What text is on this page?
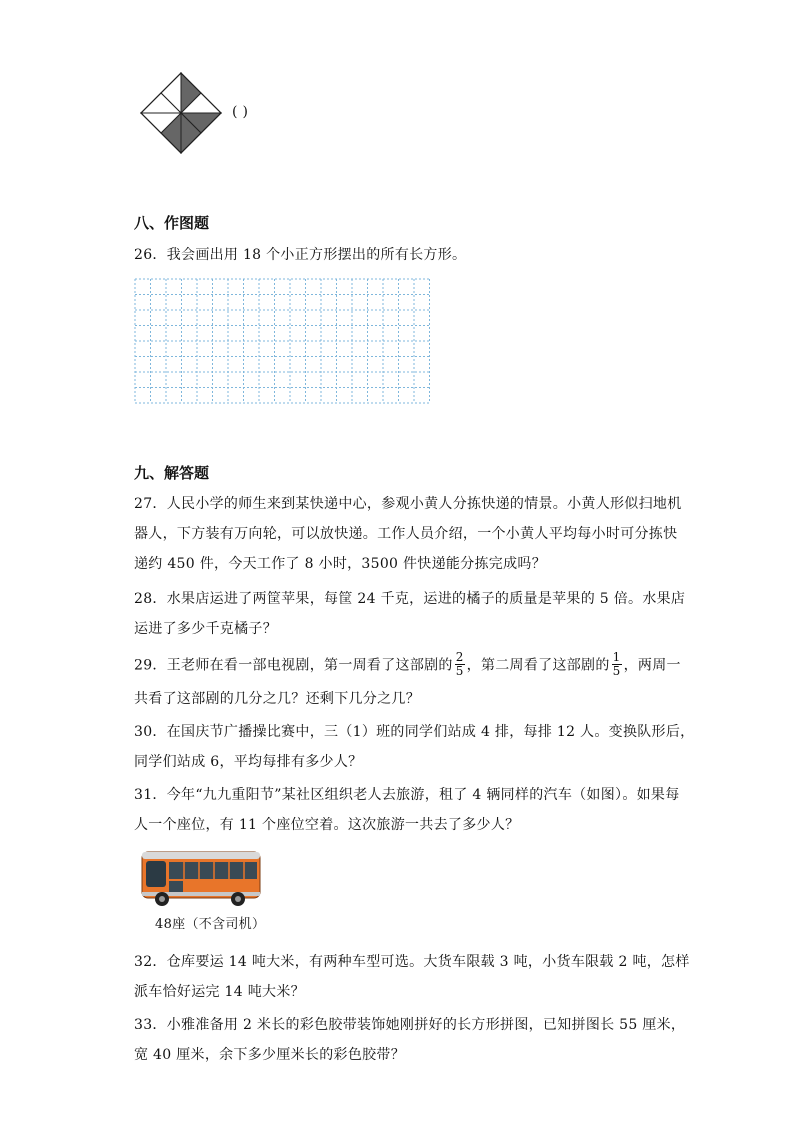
( )
八、作图题
26．我会画出用 18 个小正方形摆出的所有长方形。
九、解答题
27．人民小学的师生来到某快递中心，参观小黄人分拣快递的情景。小黄人形似扫地机
器人，下方装有万向轮，可以放快递。工作人员介绍，一个小黄人平均每小时可分拣快
递约 450 件，今天工作了 8 小时，3500 件快递能分拣完成吗？
28．水果店运进了两筐苹果，每筐 24 千克，运进的橘子的质量是苹果的 5 倍。水果店
运进了多少千克橘子？
29．王老师在看一部电视剧，第一周看了这部剧的 $\frac{2}{5}$ ，第二周看了这部剧的 $\frac{1}{5}$ ，两周一
共看了这部剧的几分之几？还剩下几分之几？
30．在国庆节广播操比赛中，三（1）班的同学们站成 4 排，每排 12 人。变换队形后，
同学们站成 6，平均每排有多少人？
31．今年“九九重阳节”某社区组织老人去旅游，租了 4 辆同样的汽车（如图）。如果每
人一个座位，有 11 个座位空着。这次旅游一共去了多少人？
48座（不含司机）
32．仓库要运 14 吨大米，有两种车型可选。大货车限载 3 吨，小货车限载 2 吨，怎样
派车恰好运完 14 吨大米？
33．小雅准备用 2 米长的彩色胶带装饰她刚拼好的长方形拼图，已知拼图长 55 厘米，
宽 40 厘米，余下多少厘米长的彩色胶带？
